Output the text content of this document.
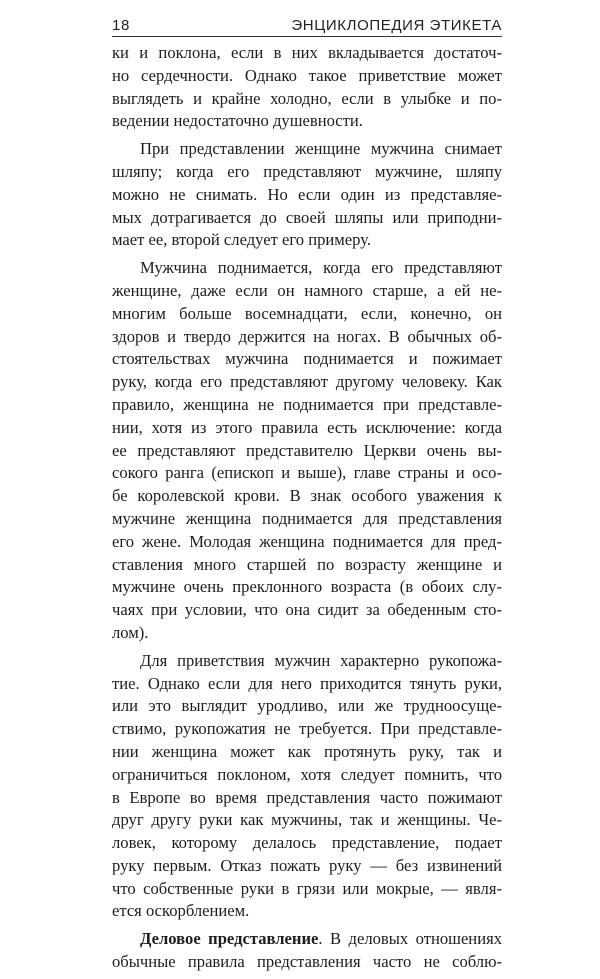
18	ЭНЦИКЛОПЕДИЯ ЭТИКЕТА
ки и поклона, если в них вкладывается достаточ-
но сердечности. Однако такое приветствие может
выглядеть и крайне холодно, если в улыбке и по-
ведении недостаточно душевности.
При представлении женщине мужчина снимает
шляпу; когда его представляют мужчине, шляпу
можно не снимать. Но если один из представляе-
мых дотрагивается до своей шляпы или приподни-
мает ее, второй следует его примеру.
Мужчина поднимается, когда его представляют
женщине, даже если он намного старше, а ей не-
многим больше восемнадцати, если, конечно, он
здоров и твердо держится на ногах. В обычных об-
стоятельствах мужчина поднимается и пожимает
руку, когда его представляют другому человеку. Как
правило, женщина не поднимается при представле-
нии, хотя из этого правила есть исключение: когда
ее представляют представителю Церкви очень вы-
сокого ранга (епископ и выше), главе страны и осо-
бе королевской крови. В знак особого уважения к
мужчине женщина поднимается для представления
его жене. Молодая женщина поднимается для пред-
ставления много старшей по возрасту женщине и
мужчине очень преклонного возраста (в обоих слу-
чаях при условии, что она сидит за обеденным сто-
лом).
Для приветствия мужчин характерно рукопожа-
тие. Однако если для него приходится тянуть руки,
или это выглядит уродливо, или же трудноосуще-
ствимо, рукопожатия не требуется. При представле-
нии женщина может как протянуть руку, так и
ограничиться поклоном, хотя следует помнить, что
в Европе во время представления часто пожимают
друг другу руки как мужчины, так и женщины. Че-
ловек, которому делалось представление, подает
руку первым. Отказ пожать руку — без извинений
что собственные руки в грязи или мокрые, — явля-
ется оскорблением.
Деловое представление. В деловых отношениях
обычные правила представления часто не соблю-
